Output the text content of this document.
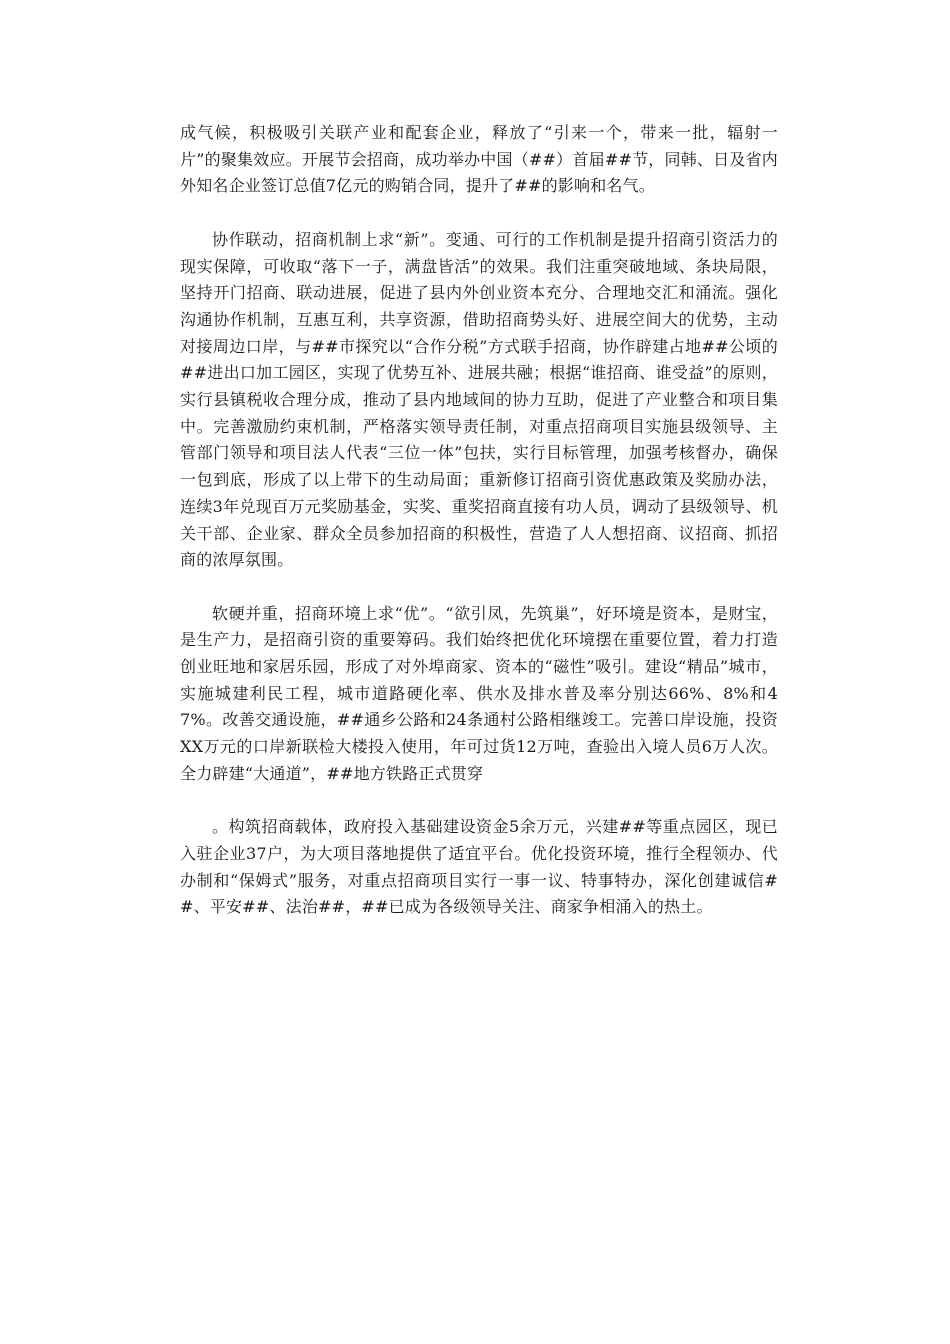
成气候，积极吸引关联产业和配套企业，释放了“引来一个，带来一批，辐射一片”的聚集效应。开展节会招商，成功举办中国（##）首届##节，同韩、日及省内外知名企业签订总值7亿元的购销合同，提升了##的影响和名气。

协作联动，招商机制上求“新”。变通、可行的工作机制是提升招商引资活力的现实保障，可收取“落下一子，满盘皆活”的效果。我们注重突破地域、条块局限，坚持开门招商、联动进展，促进了县内外创业资本充分、合理地交汇和涌流。强化沟通协作机制，互惠互利，共享资源，借助招商势头好、进展空间大的优势，主动对接周边口岸，与##市探究以“合作分税”方式联手招商，协作辟建占地##公顷的##进出口加工园区，实现了优势互补、进展共融；根据“谁招商、谁受益”的原则，实行县镇税收合理分成，推动了县内地域间的协力互助，促进了产业整合和项目集中。完善激励约束机制，严格落实领导责任制，对重点招商项目实施县级领导、主管部门领导和项目法人代表“三位一体”包扶，实行目标管理，加强考核督办，确保一包到底，形成了以上带下的生动局面；重新修订招商引资优惠政策及奖励办法，连续3年兑现百万元奖励基金，实奖、重奖招商直接有功人员，调动了县级领导、机关干部、企业家、群众全员参加招商的积极性，营造了人人想招商、议招商、抓招商的浓厚氛围。

软硬并重，招商环境上求“优”。“欲引凤，先筑巢”，好环境是资本，是财宝，是生产力，是招商引资的重要筹码。我们始终把优化环境摆在重要位置，着力打造创业旺地和家居乐园，形成了对外埠商家、资本的“磁性”吸引。建设“精品”城市，实施城建利民工程，城市道路硬化率、供水及排水普及率分别达66%、8%和47%。改善交通设施，##通乡公路和24条通村公路相继竣工。完善口岸设施，投资XX万元的口岸新联检大楼投入使用，年可过货12万吨，查验出入境人员6万人次。全力辟建“大通道”，##地方铁路正式贯穿

。构筑招商载体，政府投入基础建设资金5余万元，兴建##等重点园区，现已入驻企业37户，为大项目落地提供了适宜平台。优化投资环境，推行全程领办、代办制和“保姆式”服务，对重点招商项目实行一事一议、特事特办，深化创建诚信##、平安##、法治##，##已成为各级领导关注、商家争相涌入的热土。
